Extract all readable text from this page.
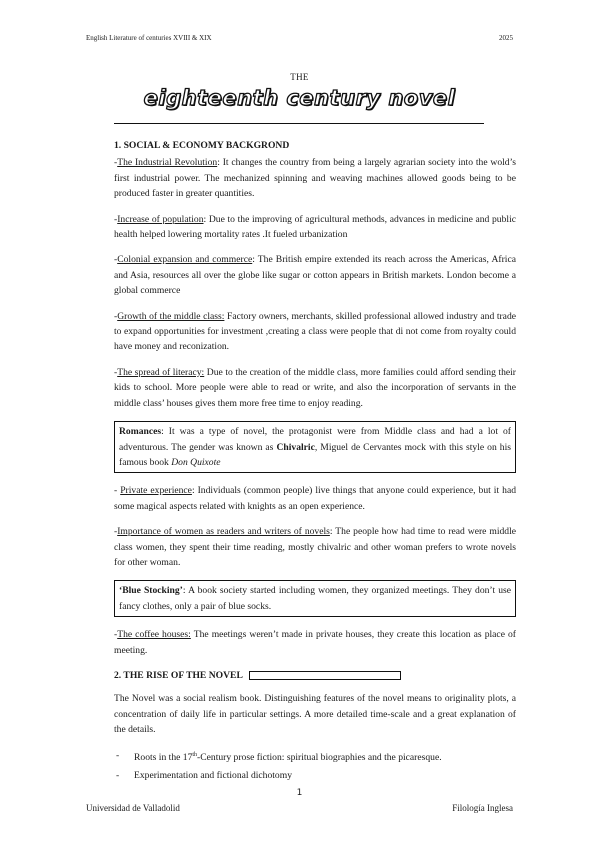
English Literature of centuries XVIII & XIX	2025
THE
eighteenth century novel

1. SOCIAL & ECONOMY BACKGROND

-The Industrial Revolution: It changes the country from being a largely agrarian society into the wold’s first industrial power. The mechanized spinning and weaving machines allowed goods being to be produced faster in greater quantities.

-Increase of population: Due to the improving of agricultural methods, advances in medicine and public health helped lowering mortality rates .It fueled urbanization

-Colonial expansion and commerce: The British empire extended its reach across the Americas, Africa and Asia, resources all over the globe like sugar or cotton appears in British markets. London become a global commerce

-Growth of the middle class: Factory owners, merchants, skilled professional allowed industry and trade to expand opportunities for investment ,creating a class were people that di not come from royalty could have money and reconization.

-The spread of literacy: Due to the creation of the middle class, more families could afford sending their kids to school. More people were able to read or write, and also the incorporation of servants in the middle class’ houses gives them more free time to enjoy reading.

Romances: It was a type of novel, the protagonist were from Middle class and had a lot of adventurous. The gender was known as Chivalric, Miguel de Cervantes mock with this style on his famous book Don Quixote

- Private experience: Individuals (common people) live things that anyone could experience, but it had some magical aspects related with knights as an open experience.

-Importance of women as readers and writers of novels: The people how had time to read were middle class women, they spent their time reading, mostly chivalric and other woman prefers to wrote novels for other woman.

‘Blue Stocking’: A book society started including women, they organized meetings. They don’t use fancy clothes, only a pair of blue socks.

-The coffee houses: The meetings weren’t made in private houses, they create this location as place of meeting.

2. THE RISE OF THE NOVEL

The Novel was a social realism book. Distinguishing features of the novel means to originality plots, a concentration of daily life in particular settings. A more detailed time-scale and a great explanation of the details.

-	Roots in the 17th-Century prose fiction: spiritual biographies and the picaresque.
-	Experimentation and fictional dichotomy
1
Universidad de Valladolid	Filología Inglesa
